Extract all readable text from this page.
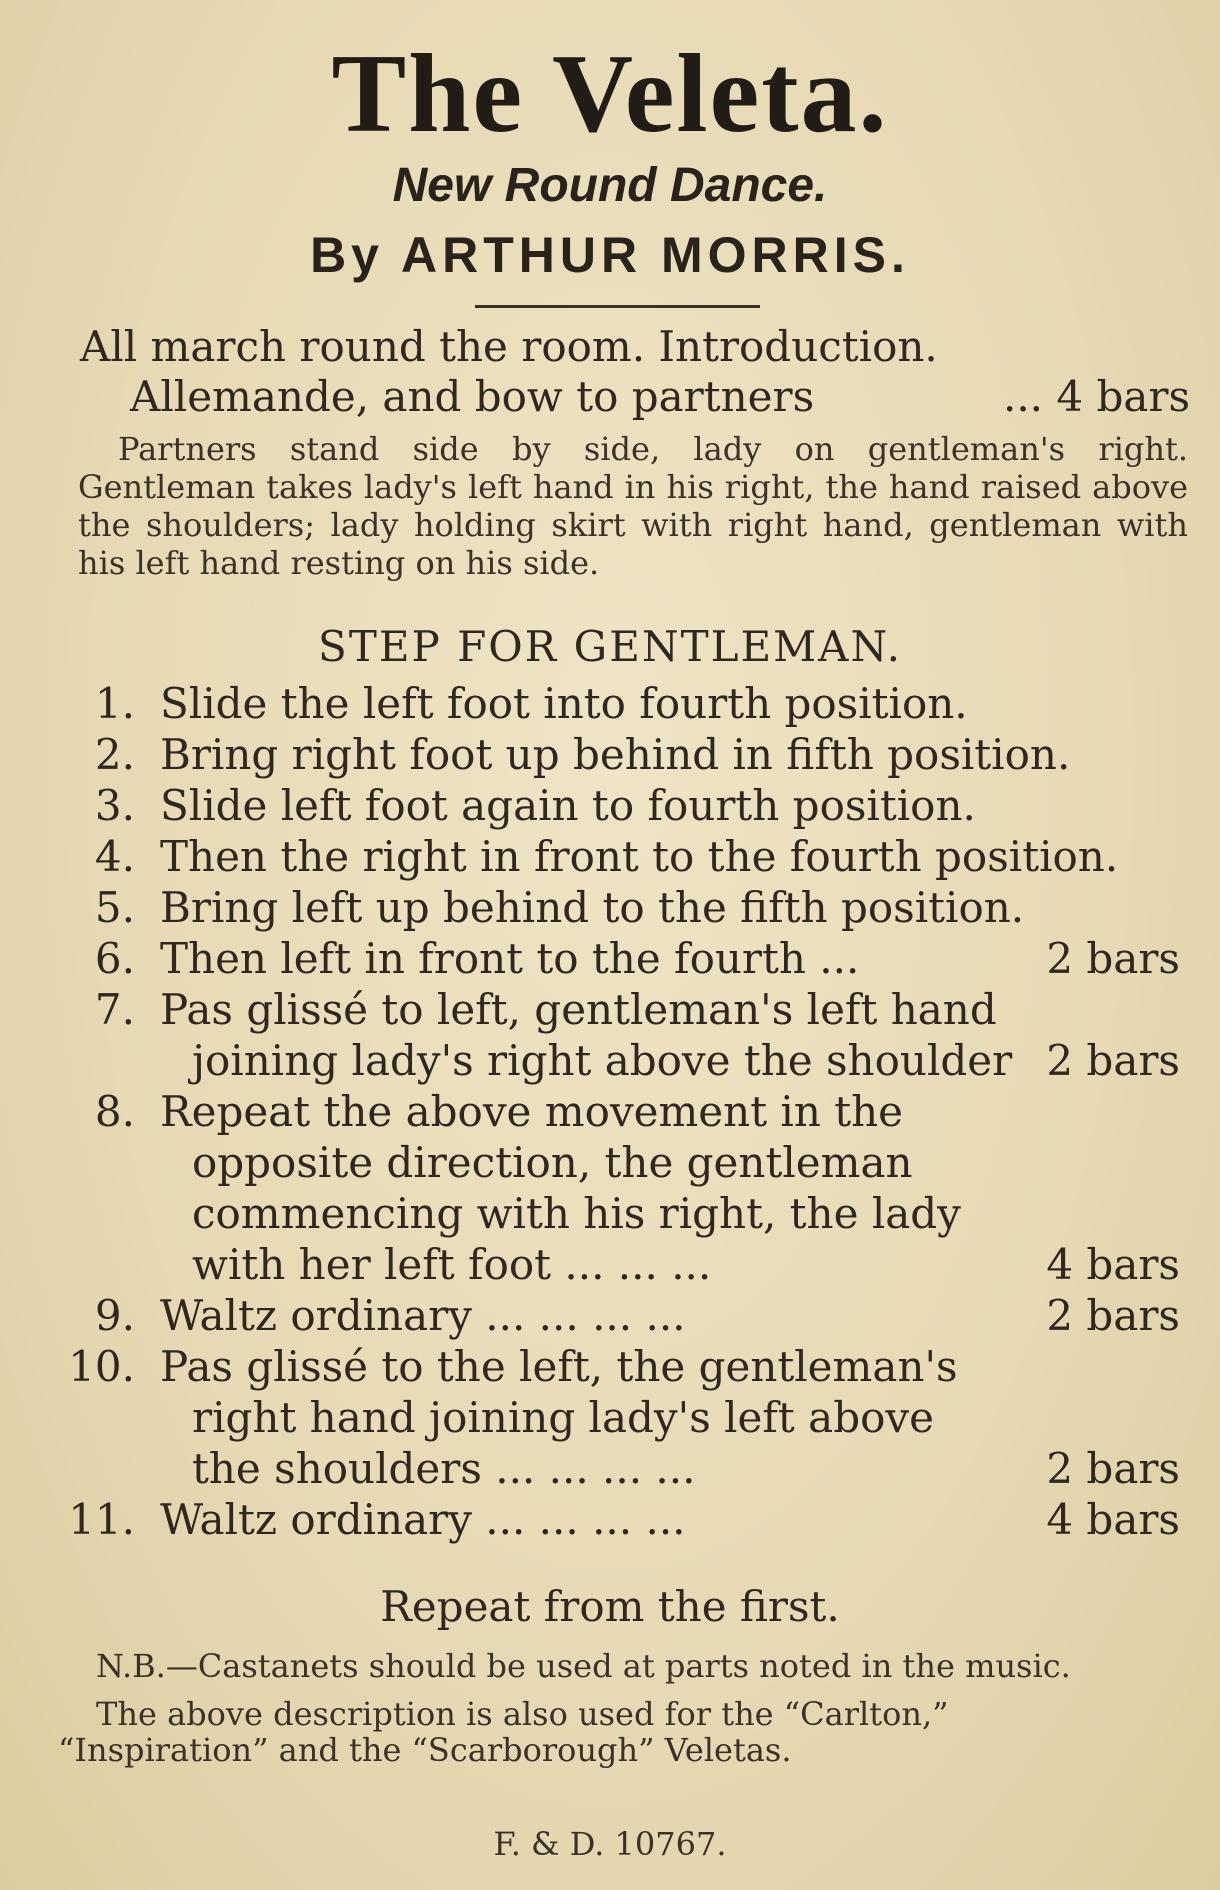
The Veleta.
New Round Dance.
By ARTHUR MORRIS.
All march round the room. Introduction.
Allemande, and bow to partners	... 4 bars

Partners stand side by side, lady on gentleman's right. Gentleman takes lady's left hand in his right, the hand raised above the shoulders; lady holding skirt with right hand, gentleman with his left hand resting on his side.

STEP FOR GENTLEMAN.
1. Slide the left foot into fourth position.
2. Bring right foot up behind in fifth position.
3. Slide left foot again to fourth position.
4. Then the right in front to the fourth position.
5. Bring left up behind to the fifth position.
6. Then left in front to the fourth ...	2 bars
7. Pas glissé to left, gentleman's left hand
joining lady's right above the shoulder 2 bars
8. Repeat the above movement in the
opposite direction, the gentleman
commencing with his right, the lady
with her left foot ... ... ...	4 bars
9. Waltz ordinary ... ... ... ...	2 bars
10. Pas glissé to the left, the gentleman's
right hand joining lady's left above
the shoulders ... ... ... ...	2 bars
11. Waltz ordinary ... ... ... ...	4 bars
Repeat from the first.

N.B.—Castanets should be used at parts noted in the music.

The above description is also used for the “Carlton,” “Inspiration” and the “Scarborough” Veletas.

F. & D. 10767.
